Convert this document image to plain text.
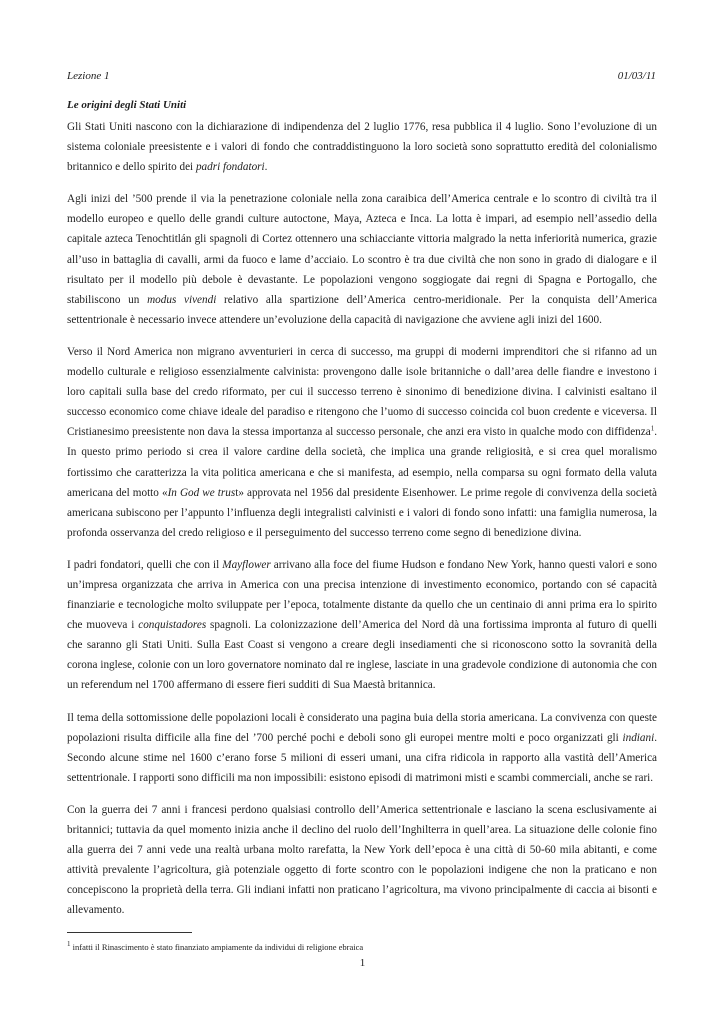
Lezione 1	01/03/11
Le origini degli Stati Uniti

Gli Stati Uniti nascono con la dichiarazione di indipendenza del 2 luglio 1776, resa pubblica il 4 luglio. Sono l’evoluzione di un sistema coloniale preesistente e i valori di fondo che contraddistinguono la loro società sono soprattutto eredità del colonialismo britannico e dello spirito dei padri fondatori.

Agli inizi del ’500 prende il via la penetrazione coloniale nella zona caraibica dell’America centrale e lo scontro di civiltà tra il modello europeo e quello delle grandi culture autoctone, Maya, Azteca e Inca. La lotta è impari, ad esempio nell’assedio della capitale azteca Tenochtitlán gli spagnoli di Cortez ottennero una schiacciante vittoria malgrado la netta inferiorità numerica, grazie all’uso in battaglia di cavalli, armi da fuoco e lame d’acciaio. Lo scontro è tra due civiltà che non sono in grado di dialogare e il risultato per il modello più debole è devastante. Le popolazioni vengono soggiogate dai regni di Spagna e Portogallo, che stabiliscono un modus vivendi relativo alla spartizione dell’America centro-meridionale. Per la conquista dell’America settentrionale è necessario invece attendere un’evoluzione della capacità di navigazione che avviene agli inizi del 1600.

Verso il Nord America non migrano avventurieri in cerca di successo, ma gruppi di moderni imprenditori che si rifanno ad un modello culturale e religioso essenzialmente calvinista: provengono dalle isole britanniche o dall’area delle fiandre e investono i loro capitali sulla base del credo riformato, per cui il successo terreno è sinonimo di benedizione divina. I calvinisti esaltano il successo economico come chiave ideale del paradiso e ritengono che l’uomo di successo coincida col buon credente e viceversa. Il Cristianesimo preesistente non dava la stessa importanza al successo personale, che anzi era visto in qualche modo con diffidenza$^1$. In questo primo periodo si crea il valore cardine della società, che implica una grande religiosità, e si crea quel moralismo fortissimo che caratterizza la vita politica americana e che si manifesta, ad esempio, nella comparsa su ogni formato della valuta americana del motto «In God we trust» approvata nel 1956 dal presidente Eisenhower. Le prime regole di convivenza della società americana subiscono per l’appunto l’influenza degli integralisti calvinisti e i valori di fondo sono infatti: una famiglia numerosa, la profonda osservanza del credo religioso e il perseguimento del successo terreno come segno di benedizione divina.

I padri fondatori, quelli che con il Mayflower arrivano alla foce del fiume Hudson e fondano New York, hanno questi valori e sono un’impresa organizzata che arriva in America con una precisa intenzione di investimento economico, portando con sé capacità finanziarie e tecnologiche molto sviluppate per l’epoca, totalmente distante da quello che un centinaio di anni prima era lo spirito che muoveva i conquistadores spagnoli. La colonizzazione dell’America del Nord dà una fortissima impronta al futuro di quelli che saranno gli Stati Uniti. Sulla East Coast si vengono a creare degli insediamenti che si riconoscono sotto la sovranità della corona inglese, colonie con un loro governatore nominato dal re inglese, lasciate in una gradevole condizione di autonomia che con un referendum nel 1700 affermano di essere fieri sudditi di Sua Maestà britannica.

Il tema della sottomissione delle popolazioni locali è considerato una pagina buia della storia americana. La convivenza con queste popolazioni risulta difficile alla fine del ’700 perché pochi e deboli sono gli europei mentre molti e poco organizzati gli indiani. Secondo alcune stime nel 1600 c’erano forse 5 milioni di esseri umani, una cifra ridicola in rapporto alla vastità dell’America settentrionale. I rapporti sono difficili ma non impossibili: esistono episodi di matrimoni misti e scambi commerciali, anche se rari.

Con la guerra dei 7 anni i francesi perdono qualsiasi controllo dell’America settentrionale e lasciano la scena esclusivamente ai britannici; tuttavia da quel momento inizia anche il declino del ruolo dell’Inghilterra in quell’area. La situazione delle colonie fino alla guerra dei 7 anni vede una realtà urbana molto rarefatta, la New York dell’epoca è una città di 50-60 mila abitanti, e come attività prevalente l’agricoltura, già potenziale oggetto di forte scontro con le popolazioni indigene che non la praticano e non concepiscono la proprietà della terra. Gli indiani infatti non praticano l’agricoltura, ma vivono principalmente di caccia ai bisonti e allevamento.

$^1$ infatti il Rinascimento è stato finanziato ampiamente da individui di religione ebraica
1
